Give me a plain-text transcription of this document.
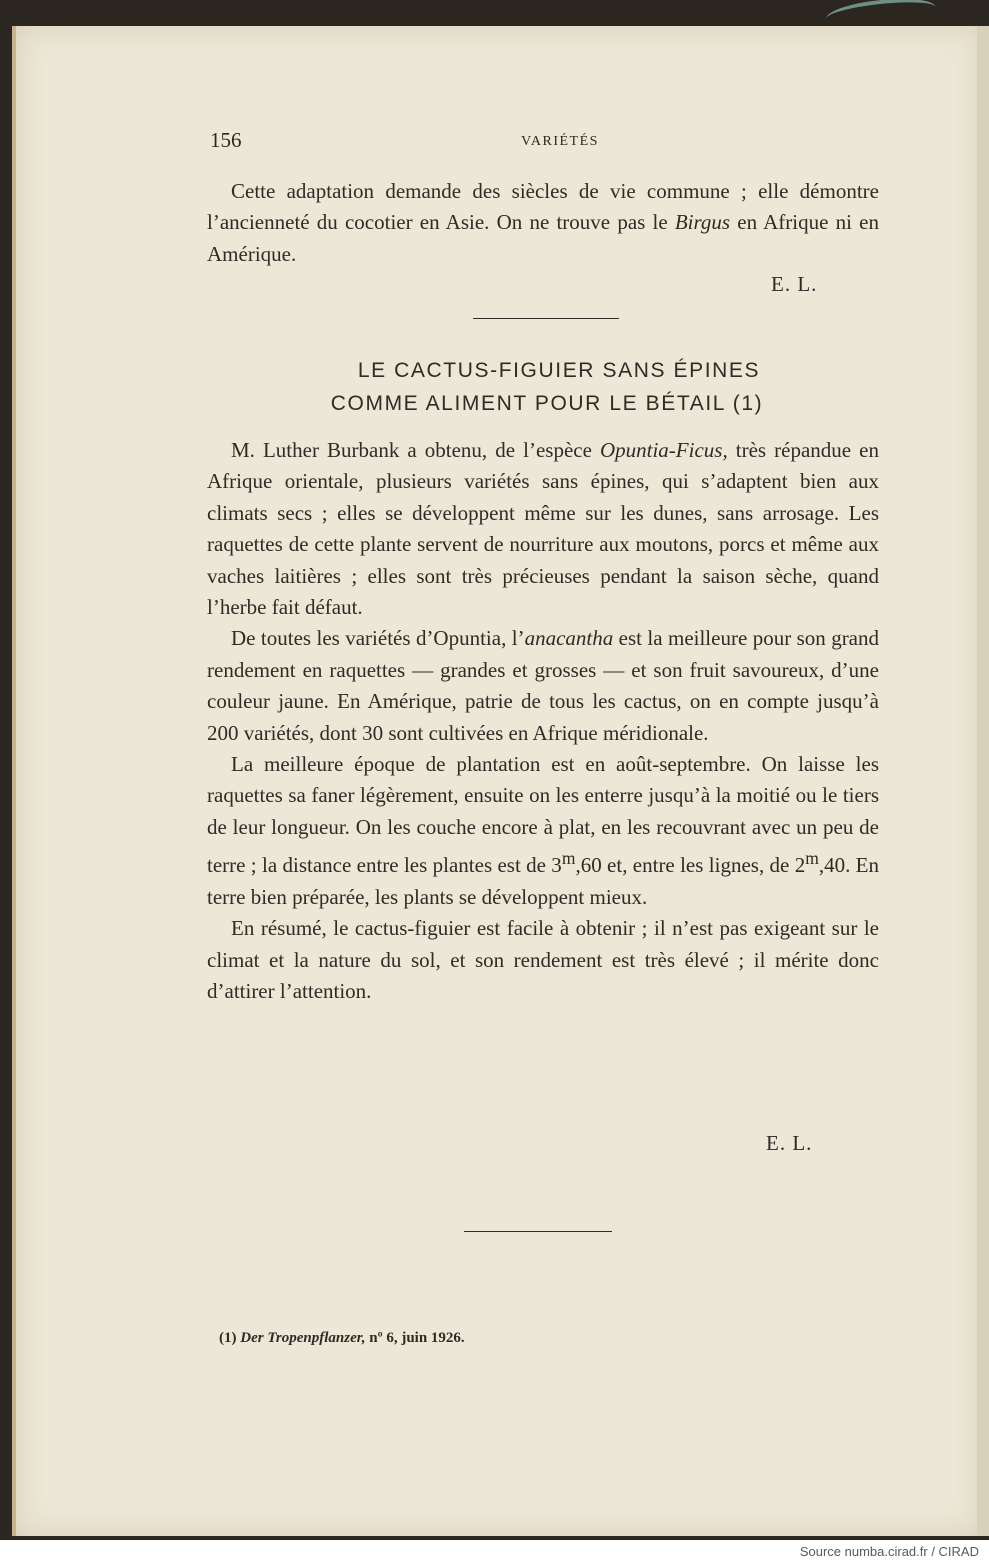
156	VARIÉTÉS

Cette adaptation demande des siècles de vie commune ; elle démontre l’ancienneté du cocotier en Asie. On ne trouve pas le Birgus en Afrique ni en Amérique.

E. L.
LE CACTUS-FIGUIER SANS ÉPINES
COMME ALIMENT POUR LE BÉTAIL (1)

M. Luther Burbank a obtenu, de l’espèce Opuntia-Ficus, très répandue en Afrique orientale, plusieurs variétés sans épines, qui s’adaptent bien aux climats secs ; elles se développent même sur les dunes, sans arrosage. Les raquettes de cette plante servent de nourriture aux moutons, porcs et même aux vaches laitières ; elles sont très précieuses pendant la saison sèche, quand l’herbe fait défaut.

De toutes les variétés d’Opuntia, l’anacantha est la meilleure pour son grand rendement en raquettes — grandes et grosses — et son fruit savoureux, d’une couleur jaune. En Amérique, patrie de tous les cactus, on en compte jusqu’à 200 variétés, dont 30 sont cultivées en Afrique méridionale.

La meilleure époque de plantation est en août-septembre. On laisse les raquettes sa faner légèrement, ensuite on les enterre jusqu’à la moitié ou le tiers de leur longueur. On les couche encore à plat, en les recouvrant avec un peu de terre ; la distance entre les plantes est de 3$^m$,60 et, entre les lignes, de 2$^m$,40. En terre bien préparée, les plants se développent mieux.

En résumé, le cactus-figuier est facile à obtenir ; il n’est pas exigeant sur le climat et la nature du sol, et son rendement est très élevé ; il mérite donc d’attirer l’attention.

E. L.
(1) Der Tropenpflanzer, nº 6, juin 1926.
Source numba.cirad.fr / CIRAD
